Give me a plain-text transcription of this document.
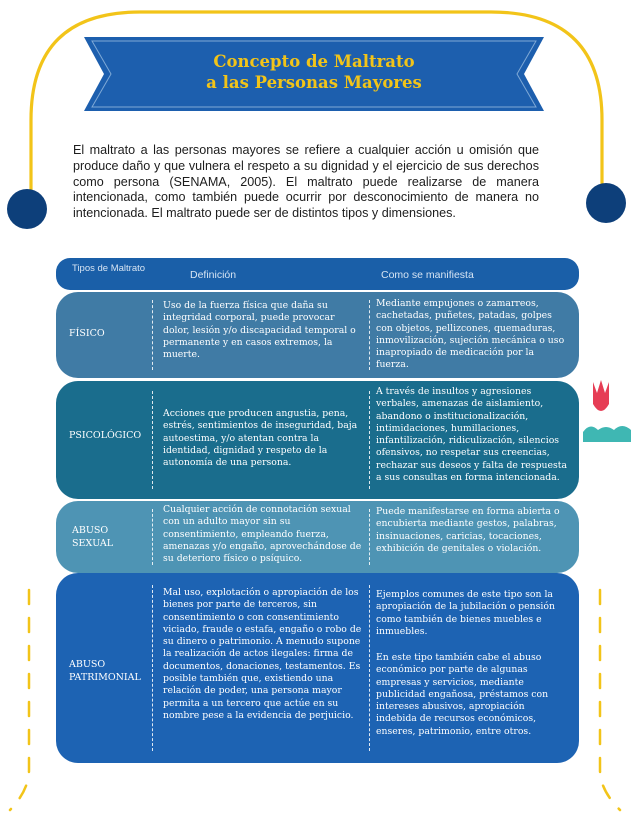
Concepto de Maltrato
a las Personas Mayores
El maltrato a las personas mayores se refiere a cualquier acción u omisión que produce daño y que vulnera el respeto a su dignidad y el ejercicio de sus derechos como persona (SENAMA, 2005). El maltrato puede realizarse de manera intencionada, como también puede ocurrir por desconocimiento de manera no intencionada. El maltrato puede ser de distintos tipos y dimensiones.
Tipos de Maltrato
Definición	Como se manifiesta
FÍSICO
Uso de la fuerza física que daña su integridad corporal, puede provocar dolor, lesión y/o discapacidad temporal o permanente y en casos extremos, la muerte.
Mediante empujones o zamarreos, cachetadas, puñetes, patadas, golpes con objetos, pellizcones, quemaduras, inmovilización, sujeción mecánica o uso inapropiado de medicación por la fuerza.
PSICOLÓGICO
Acciones que producen angustia, pena, estrés, sentimientos de inseguridad, baja autoestima, y/o atentan contra la identidad, dignidad y respeto de la autonomía de una persona.
A través de insultos y agresiones verbales, amenazas de aislamiento, abandono o institucionalización, intimidaciones, humillaciones, infantilización, ridiculización, silencios ofensivos, no respetar sus creencias, rechazar sus deseos y falta de respuesta a sus consultas en forma intencionada.
ABUSO SEXUAL
Cualquier acción de connotación sexual con un adulto mayor sin su consentimiento, empleando fuerza, amenazas y/o engaño, aprovechándose de su deterioro físico o psíquico.
Puede manifestarse en forma abierta o encubierta mediante gestos, palabras, insinuaciones, caricias, tocaciones, exhibición de genitales o violación.
ABUSO PATRIMONIAL
Mal uso, explotación o apropiación de los bienes por parte de terceros, sin consentimiento o con consentimiento viciado, fraude o estafa, engaño o robo de su dinero o patrimonio. A menudo supone la realización de actos ilegales: firma de documentos, donaciones, testamentos. Es posible también que, existiendo una relación de poder, una persona mayor permita a un tercero que actúe en su nombre pese a la evidencia de perjuicio.
Ejemplos comunes de este tipo son la apropiación de la jubilación o pensión como también de bienes muebles e inmuebles.
En este tipo también cabe el abuso económico por parte de algunas empresas y servicios, mediante publicidad engañosa, préstamos con intereses abusivos, apropiación indebida de recursos económicos, enseres, patrimonio, entre otros.
